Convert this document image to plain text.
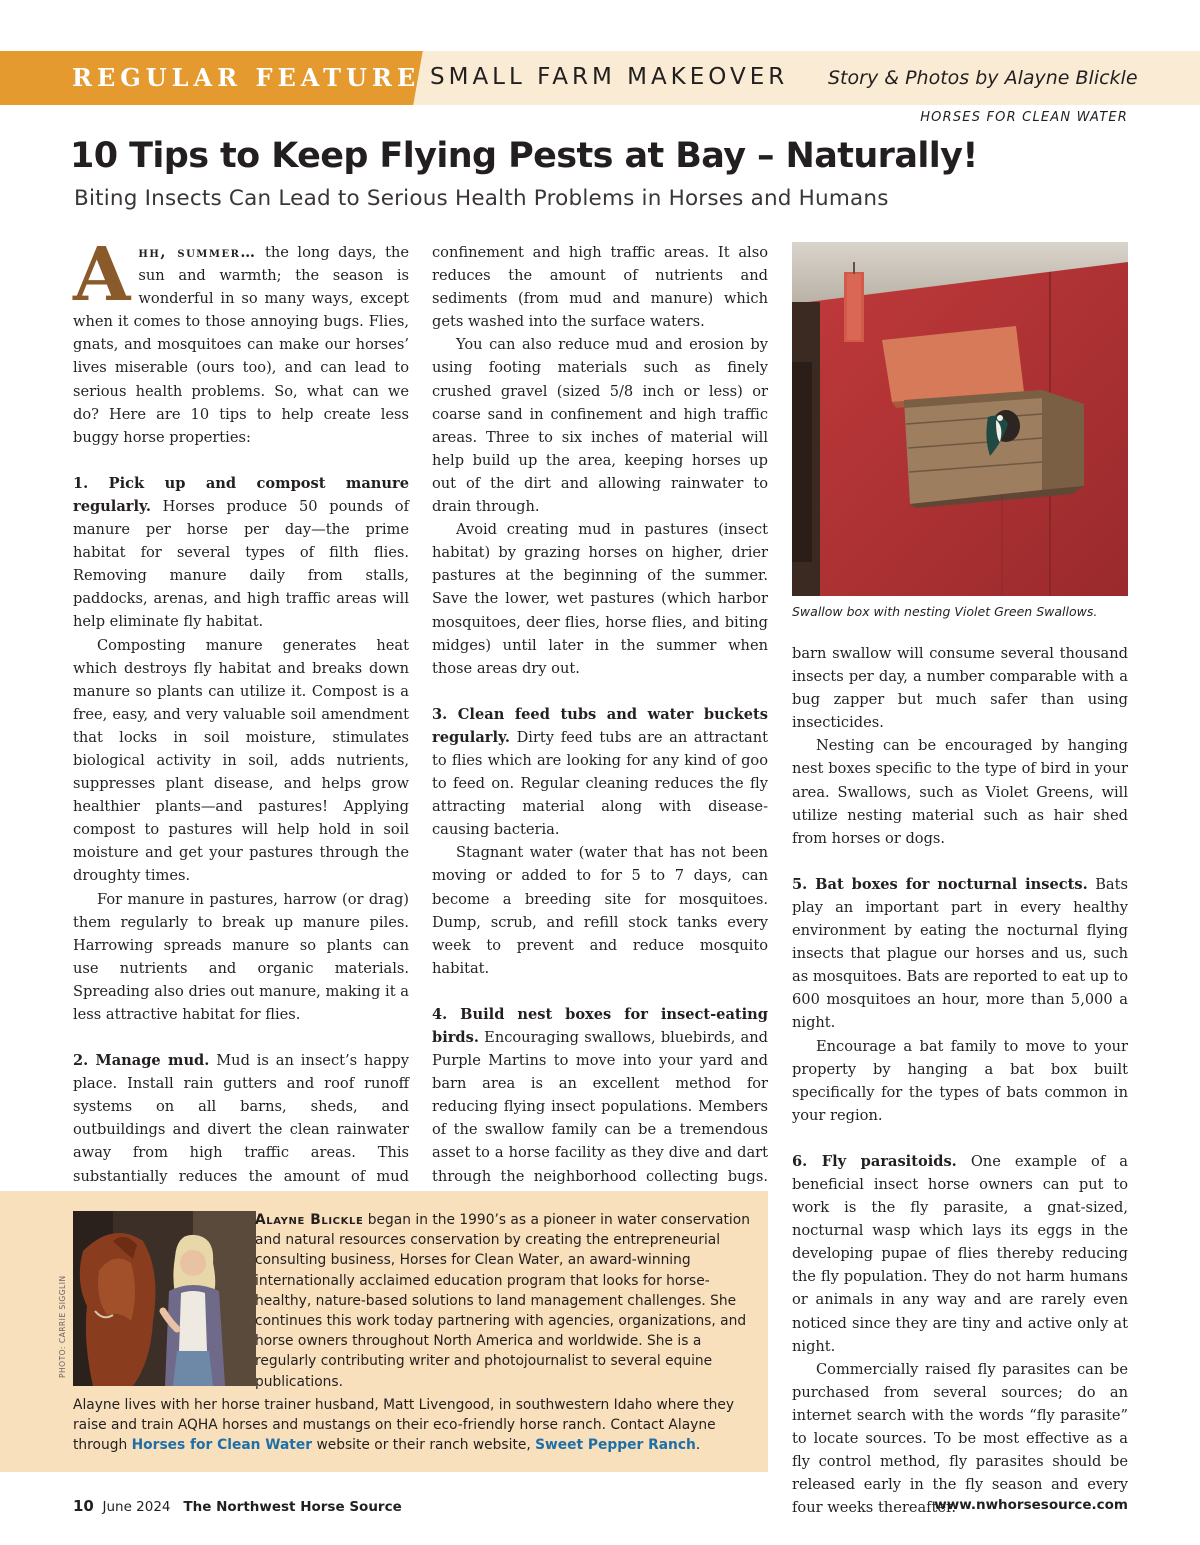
REGULAR FEATURE SMALL FARM MAKEOVER Story & Photos by Alayne Blickle
HORSES FOR CLEAN WATER
10 Tips to Keep Flying Pests at Bay – Naturally!
Biting Insects Can Lead to Serious Health Problems in Horses and Humans

Ahh, summer… the long days, the sun and warmth; the season is wonderful in so many ways, except when it comes to those annoying bugs. Flies, gnats, and mosquitoes can make our horses’ lives miserable (ours too), and can lead to serious health problems. So, what can we do? Here are 10 tips to help create less buggy horse properties:

1. Pick up and compost manure regularly. Horses produce 50 pounds of manure per horse per day—the prime habitat for several types of filth flies. Removing manure daily from stalls, paddocks, arenas, and high traffic areas will help eliminate fly habitat.

Composting manure generates heat which destroys fly habitat and breaks down manure so plants can utilize it. Compost is a free, easy, and very valuable soil amendment that locks in soil moisture, stimulates biological activity in soil, adds nutrients, suppresses plant disease, and helps grow healthier plants—and pastures! Applying compost to pastures will help hold in soil moisture and get your pastures through the droughty times.

For manure in pastures, harrow (or drag) them regularly to break up manure piles. Harrowing spreads manure so plants can use nutrients and organic materials. Spreading also dries out manure, making it a less attractive habitat for flies.

2. Manage mud. Mud is an insect’s happy place. Install rain gutters and roof runoff systems on all barns, sheds, and outbuildings and divert the clean rainwater away from high traffic areas. This substantially reduces the amount of mud

confinement and high traffic areas. It also reduces the amount of nutrients and sediments (from mud and manure) which gets washed into the surface waters.

You can also reduce mud and erosion by using footing materials such as finely crushed gravel (sized 5/8 inch or less) or coarse sand in confinement and high traffic areas. Three to six inches of material will help build up the area, keeping horses up out of the dirt and allowing rainwater to drain through.

Avoid creating mud in pastures (insect habitat) by grazing horses on higher, drier pastures at the beginning of the summer. Save the lower, wet pastures (which harbor mosquitoes, deer flies, horse flies, and biting midges) until later in the summer when those areas dry out.

3. Clean feed tubs and water buckets regularly. Dirty feed tubs are an attractant to flies which are looking for any kind of goo to feed on. Regular cleaning reduces the fly attracting material along with disease-causing bacteria.

Stagnant water (water that has not been moving or added to for 5 to 7 days, can become a breeding site for mosquitoes. Dump, scrub, and refill stock tanks every week to prevent and reduce mosquito habitat.

4. Build nest boxes for insect-eating birds. Encouraging swallows, bluebirds, and Purple Martins to move into your yard and barn area is an excellent method for reducing flying insect populations. Members of the swallow family can be a tremendous asset to a horse facility as they dive and dart through the neighborhood collecting bugs.

Swallow box with nesting Violet Green Swallows.

barn swallow will consume several thousand insects per day, a number comparable with a bug zapper but much safer than using insecticides.

Nesting can be encouraged by hanging nest boxes specific to the type of bird in your area. Swallows, such as Violet Greens, will utilize nesting material such as hair shed from horses or dogs.

5. Bat boxes for nocturnal insects. Bats play an important part in every healthy environment by eating the nocturnal flying insects that plague our horses and us, such as mosquitoes. Bats are reported to eat up to 600 mosquitoes an hour, more than 5,000 a night.

Encourage a bat family to move to your property by hanging a bat box built specifically for the types of bats common in your region.

6. Fly parasitoids. One example of a beneficial insect horse owners can put to work is the fly parasite, a gnat-sized, nocturnal wasp which lays its eggs in the developing pupae of flies thereby reducing the fly population. They do not harm humans or animals in any way and are rarely even noticed since they are tiny and active only at night.

Commercially raised fly parasites can be purchased from several sources; do an internet search with the words “fly parasite” to locate sources. To be most effective as a fly control method, fly parasites should be released early in the fly season and every four weeks thereafter.

PHOTO: CARRIE SIGGLIN
Alayne Blickle began in the 1990’s as a pioneer in water conservation and natural resources conservation by creating the entrepreneurial consulting business, Horses for Clean Water, an award-winning internationally acclaimed education program that looks for horse-healthy, nature-based solutions to land management challenges. She continues this work today partnering with agencies, organizations, and horse owners throughout North America and worldwide. She is a regularly contributing writer and photojournalist to several equine publications.
Alayne lives with her horse trainer husband, Matt Livengood, in southwestern Idaho where they raise and train AQHA horses and mustangs on their eco-friendly horse ranch. Contact Alayne through Horses for Clean Water website or their ranch website, Sweet Pepper Ranch.
10 June 2024 The Northwest Horse Source	www.nwhorsesource.com
